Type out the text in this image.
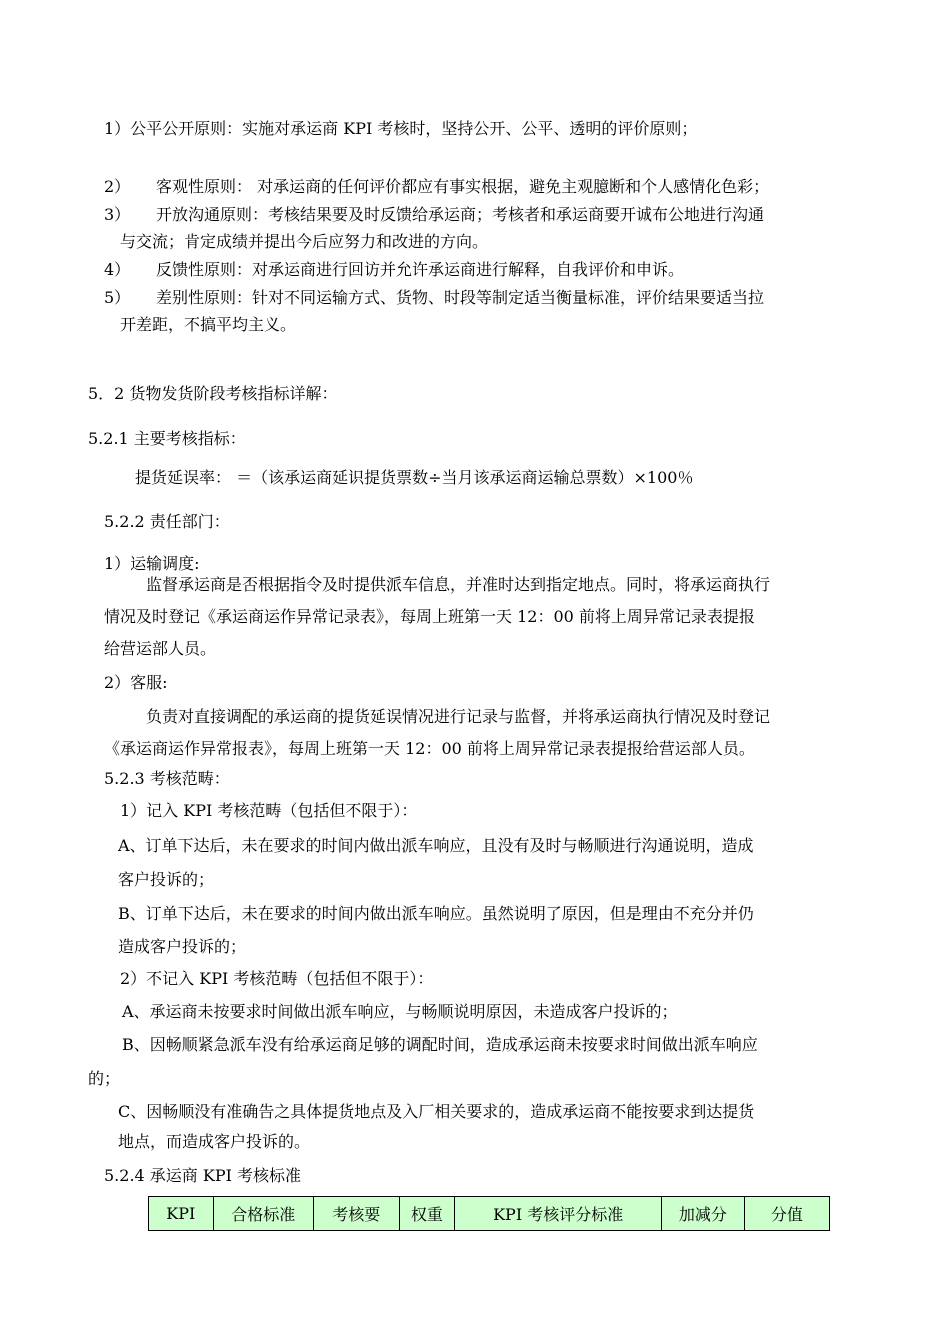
1）公平公开原则：实施对承运商 KPI 考核时，坚持公开、公平、透明的评价原则；
2） 客观性原则： 对承运商的任何评价都应有事实根据，避免主观臆断和个人感情化色彩；
3） 开放沟通原则：考核结果要及时反馈给承运商；考核者和承运商要开诚布公地进行沟通
与交流；肯定成绩并提出今后应努力和改进的方向。
4） 反馈性原则：对承运商进行回访并允许承运商进行解释，自我评价和申诉。
5） 差别性原则：针对不同运输方式、货物、时段等制定适当衡量标准，评价结果要适当拉
开差距，不搞平均主义。
5．2 货物发货阶段考核指标详解：
5.2.1 主要考核指标：
提货延误率： ＝（该承运商延识提货票数÷当月该承运商运输总票数）×100％
5.2.2 责任部门：
1）运输调度:
监督承运商是否根据指令及时提供派车信息，并准时达到指定地点。同时，将承运商执行
情况及时登记《承运商运作异常记录表》，每周上班第一天 12：00 前将上周异常记录表提报
给营运部人员。
2）客服:
负责对直接调配的承运商的提货延误情况进行记录与监督，并将承运商执行情况及时登记
《承运商运作异常报表》，每周上班第一天 12：00 前将上周异常记录表提报给营运部人员。
5.2.3 考核范畴：
1）记入 KPI 考核范畴（包括但不限于）：
A、订单下达后，未在要求的时间内做出派车响应，且没有及时与畅顺进行沟通说明，造成
客户投诉的；
B、订单下达后，未在要求的时间内做出派车响应。虽然说明了原因，但是理由不充分并仍
造成客户投诉的；
2）不记入 KPI 考核范畴（包括但不限于）：
A、承运商未按要求时间做出派车响应，与畅顺说明原因，未造成客户投诉的；
B、因畅顺紧急派车没有给承运商足够的调配时间，造成承运商未按要求时间做出派车响应
的；
C、因畅顺没有准确告之具体提货地点及入厂相关要求的，造成承运商不能按要求到达提货
地点，而造成客户投诉的。
5.2.4 承运商 KPI 考核标准
KPI	合格标准	考核要	权重	KPI 考核评分标准	加减分	分值
